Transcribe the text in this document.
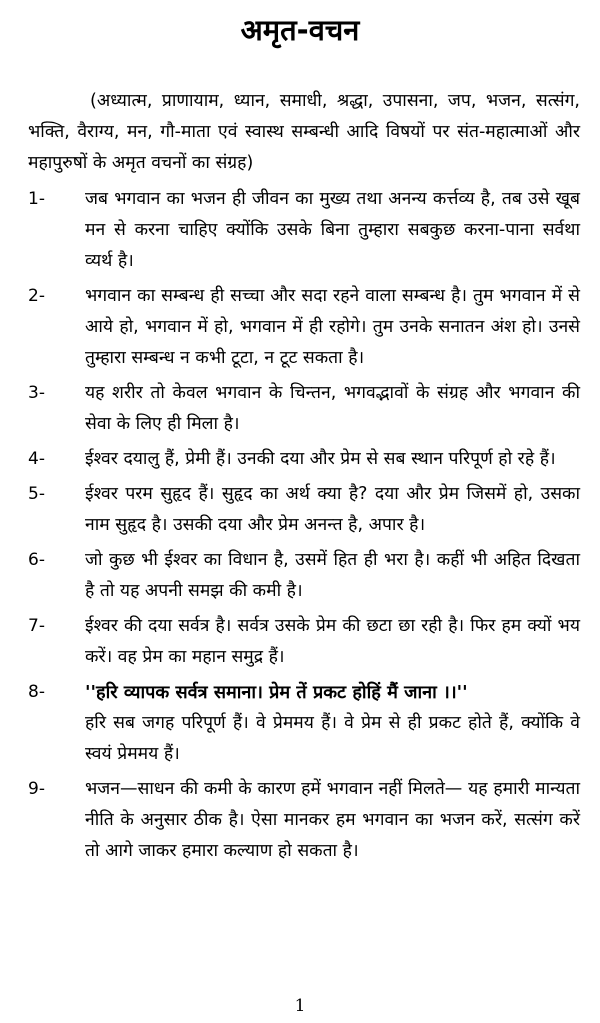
अमृत-वचन
(अध्यात्म, प्राणायाम, ध्यान, समाधी, श्रद्धा, उपासना, जप, भजन, सत्संग, भक्ति, वैराग्य, मन, गौ-माता एवं स्वास्थ सम्बन्धी आदि विषयों पर संत-महात्माओं और महापुरुषों के अमृत वचनों का संग्रह)
1-	जब भगवान का भजन ही जीवन का मुख्य तथा अनन्य कर्त्तव्य है, तब उसे खूब मन से करना चाहिए क्योंकि उसके बिना तुम्हारा सबकुछ करना-पाना सर्वथा व्यर्थ है।
2-	भगवान का सम्बन्ध ही सच्चा और सदा रहने वाला सम्बन्ध है। तुम भगवान में से आये हो, भगवान में हो, भगवान में ही रहोगे। तुम उनके सनातन अंश हो। उनसे तुम्हारा सम्बन्ध न कभी टूटा, न टूट सकता है।
3-	यह शरीर तो केवल भगवान के चिन्तन, भगवद्भावों के संग्रह और भगवान की सेवा के लिए ही मिला है।
4-	ईश्वर दयालु हैं, प्रेमी हैं। उनकी दया और प्रेम से सब स्थान परिपूर्ण हो रहे हैं।
5-	ईश्वर परम सुहृद हैं। सुहृद का अर्थ क्या है? दया और प्रेम जिसमें हो, उसका नाम सुहृद है। उसकी दया और प्रेम अनन्त है, अपार है।
6-	जो कुछ भी ईश्वर का विधान है, उसमें हित ही भरा है। कहीं भी अहित दिखता है तो यह अपनी समझ की कमी है।
7-	ईश्वर की दया सर्वत्र है। सर्वत्र उसके प्रेम की छटा छा रही है। फिर हम क्यों भय करें। वह प्रेम का महान समुद्र हैं।
8-	''हरि व्यापक सर्वत्र समाना। प्रेम तें प्रकट होहिं मैं जाना ।।''
हरि सब जगह परिपूर्ण हैं। वे प्रेममय हैं। वे प्रेम से ही प्रकट होते हैं, क्योंकि वे स्वयं प्रेममय हैं।
9-	भजन—साधन की कमी के कारण हमें भगवान नहीं मिलते— यह हमारी मान्यता नीति के अनुसार ठीक है। ऐसा मानकर हम भगवान का भजन करें, सत्संग करें तो आगे जाकर हमारा कल्याण हो सकता है।
1
